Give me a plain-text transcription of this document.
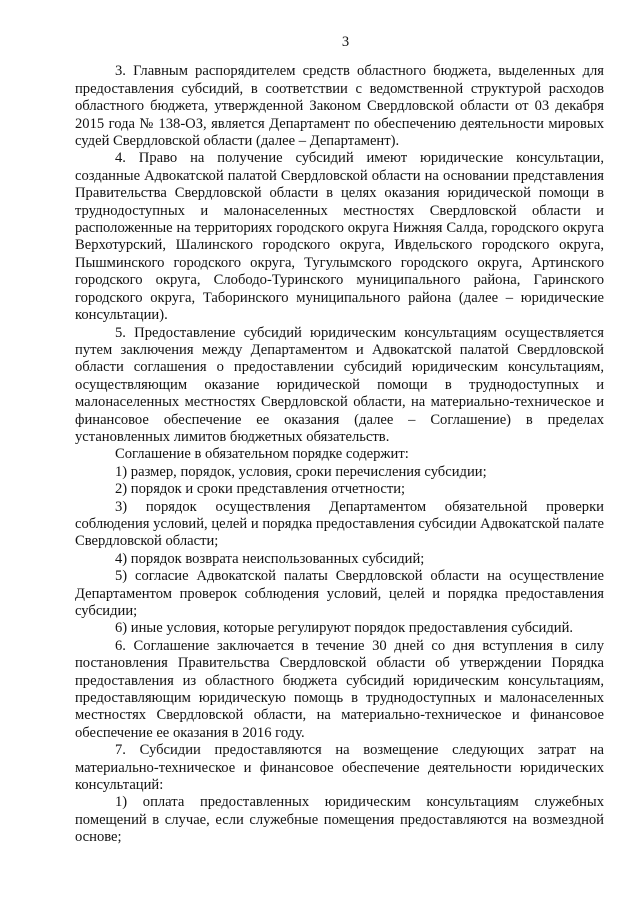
3

3. Главным распорядителем средств областного бюджета, выделенных для предоставления субсидий, в соответствии с ведомственной структурой расходов областного бюджета, утвержденной Законом Свердловской области от 03 декабря 2015 года № 138-ОЗ, является Департамент по обеспечению деятельности мировых судей Свердловской области (далее – Департамент).

4. Право на получение субсидий имеют юридические консультации, созданные Адвокатской палатой Свердловской области на основании представления Правительства Свердловской области в целях оказания юридической помощи в труднодоступных и малонаселенных местностях Свердловской области и расположенные на территориях городского округа Нижняя Салда, городского округа Верхотурский, Шалинского городского округа, Ивдельского городского округа, Пышминского городского округа, Тугулымского городского округа, Артинского городского округа, Слободо-Туринского муниципального района, Гаринского городского округа, Таборинского муниципального района (далее – юридические консультации).

5. Предоставление субсидий юридическим консультациям осуществляется путем заключения между Департаментом и Адвокатской палатой Свердловской области соглашения о предоставлении субсидий юридическим консультациям, осуществляющим оказание юридической помощи в труднодоступных и малонаселенных местностях Свердловской области, на материально-техническое и финансовое обеспечение ее оказания (далее – Соглашение) в пределах установленных лимитов бюджетных обязательств.

Соглашение в обязательном порядке содержит:

1) размер, порядок, условия, сроки перечисления субсидии;

2) порядок и сроки представления отчетности;

3) порядок осуществления Департаментом обязательной проверки соблюдения условий, целей и порядка предоставления субсидии Адвокатской палате Свердловской области;

4) порядок возврата неиспользованных субсидий;

5) согласие Адвокатской палаты Свердловской области на осуществление Департаментом проверок соблюдения условий, целей и порядка предоставления субсидии;

6) иные условия, которые регулируют порядок предоставления субсидий.

6. Соглашение заключается в течение 30 дней со дня вступления в силу постановления Правительства Свердловской области об утверждении Порядка предоставления из областного бюджета субсидий юридическим консультациям, предоставляющим юридическую помощь в труднодоступных и малонаселенных местностях Свердловской области, на материально-техническое и финансовое обеспечение ее оказания в 2016 году.

7. Субсидии предоставляются на возмещение следующих затрат на материально-техническое и финансовое обеспечение деятельности юридических консультаций:

1) оплата предоставленных юридическим консультациям служебных помещений в случае, если служебные помещения предоставляются на возмездной основе;
